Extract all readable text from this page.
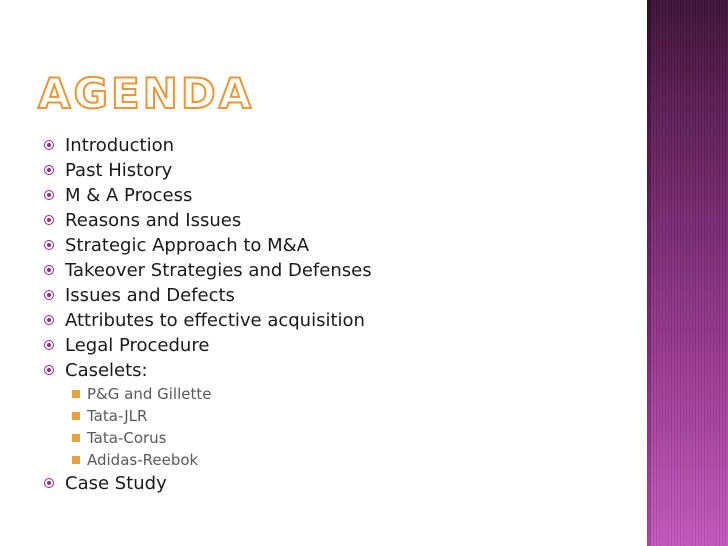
AGENDA
Introduction
Past History
M & A Process
Reasons and Issues
Strategic Approach to M&A
Takeover Strategies and Defenses
Issues and Defects
Attributes to effective acquisition
Legal Procedure
Caselets:
P&G and Gillette
Tata-JLR
Tata-Corus
Adidas-Reebok
Case Study
